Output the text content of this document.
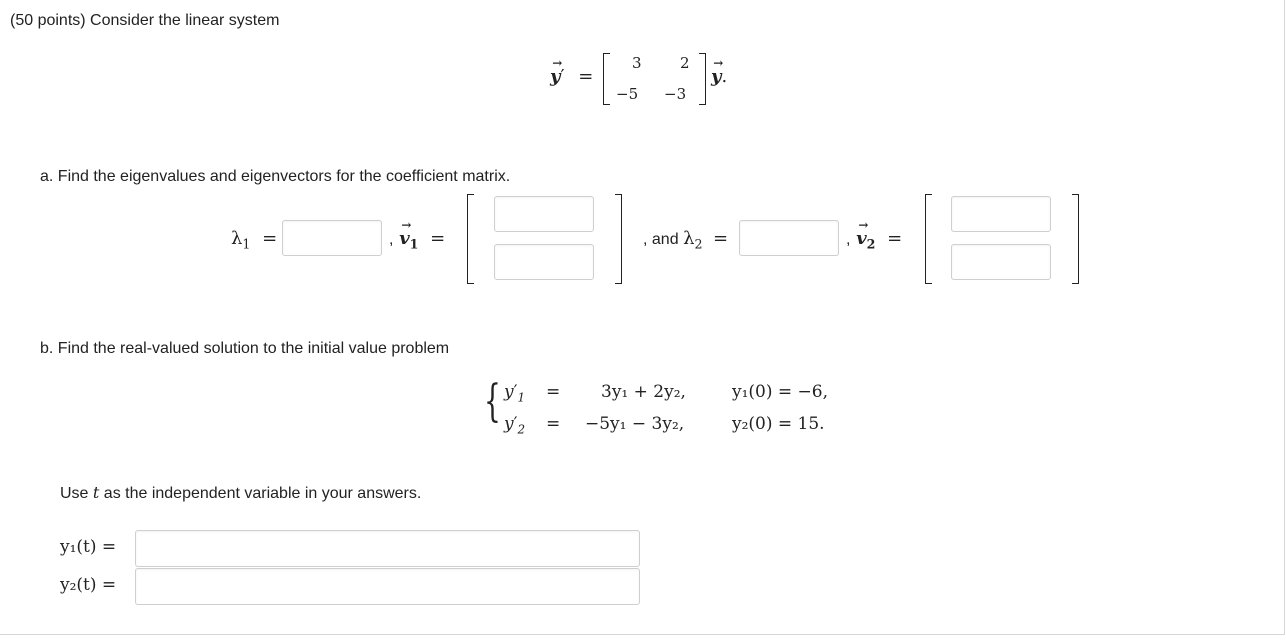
(50 points) Consider the linear system
→
y′ =
3	2
−5 −3
→
y.
a. Find the eigenvalues and eigenvectors for the coefficient matrix.
$\lambda_1$ =	,
→
$v_1$ =	, and $\lambda_2$ =	,
→
$v_2$ =
b. Find the real-valued solution to the initial value problem
{ $y'_1 = 3y_1 + 2y_2$,	y₁(0) = −6,
$y'_2 = -5y_1 - 3y_2$,	y₂(0) = 15.
Use t as the independent variable in your answers.
y₁(t) =
y₂(t) =
